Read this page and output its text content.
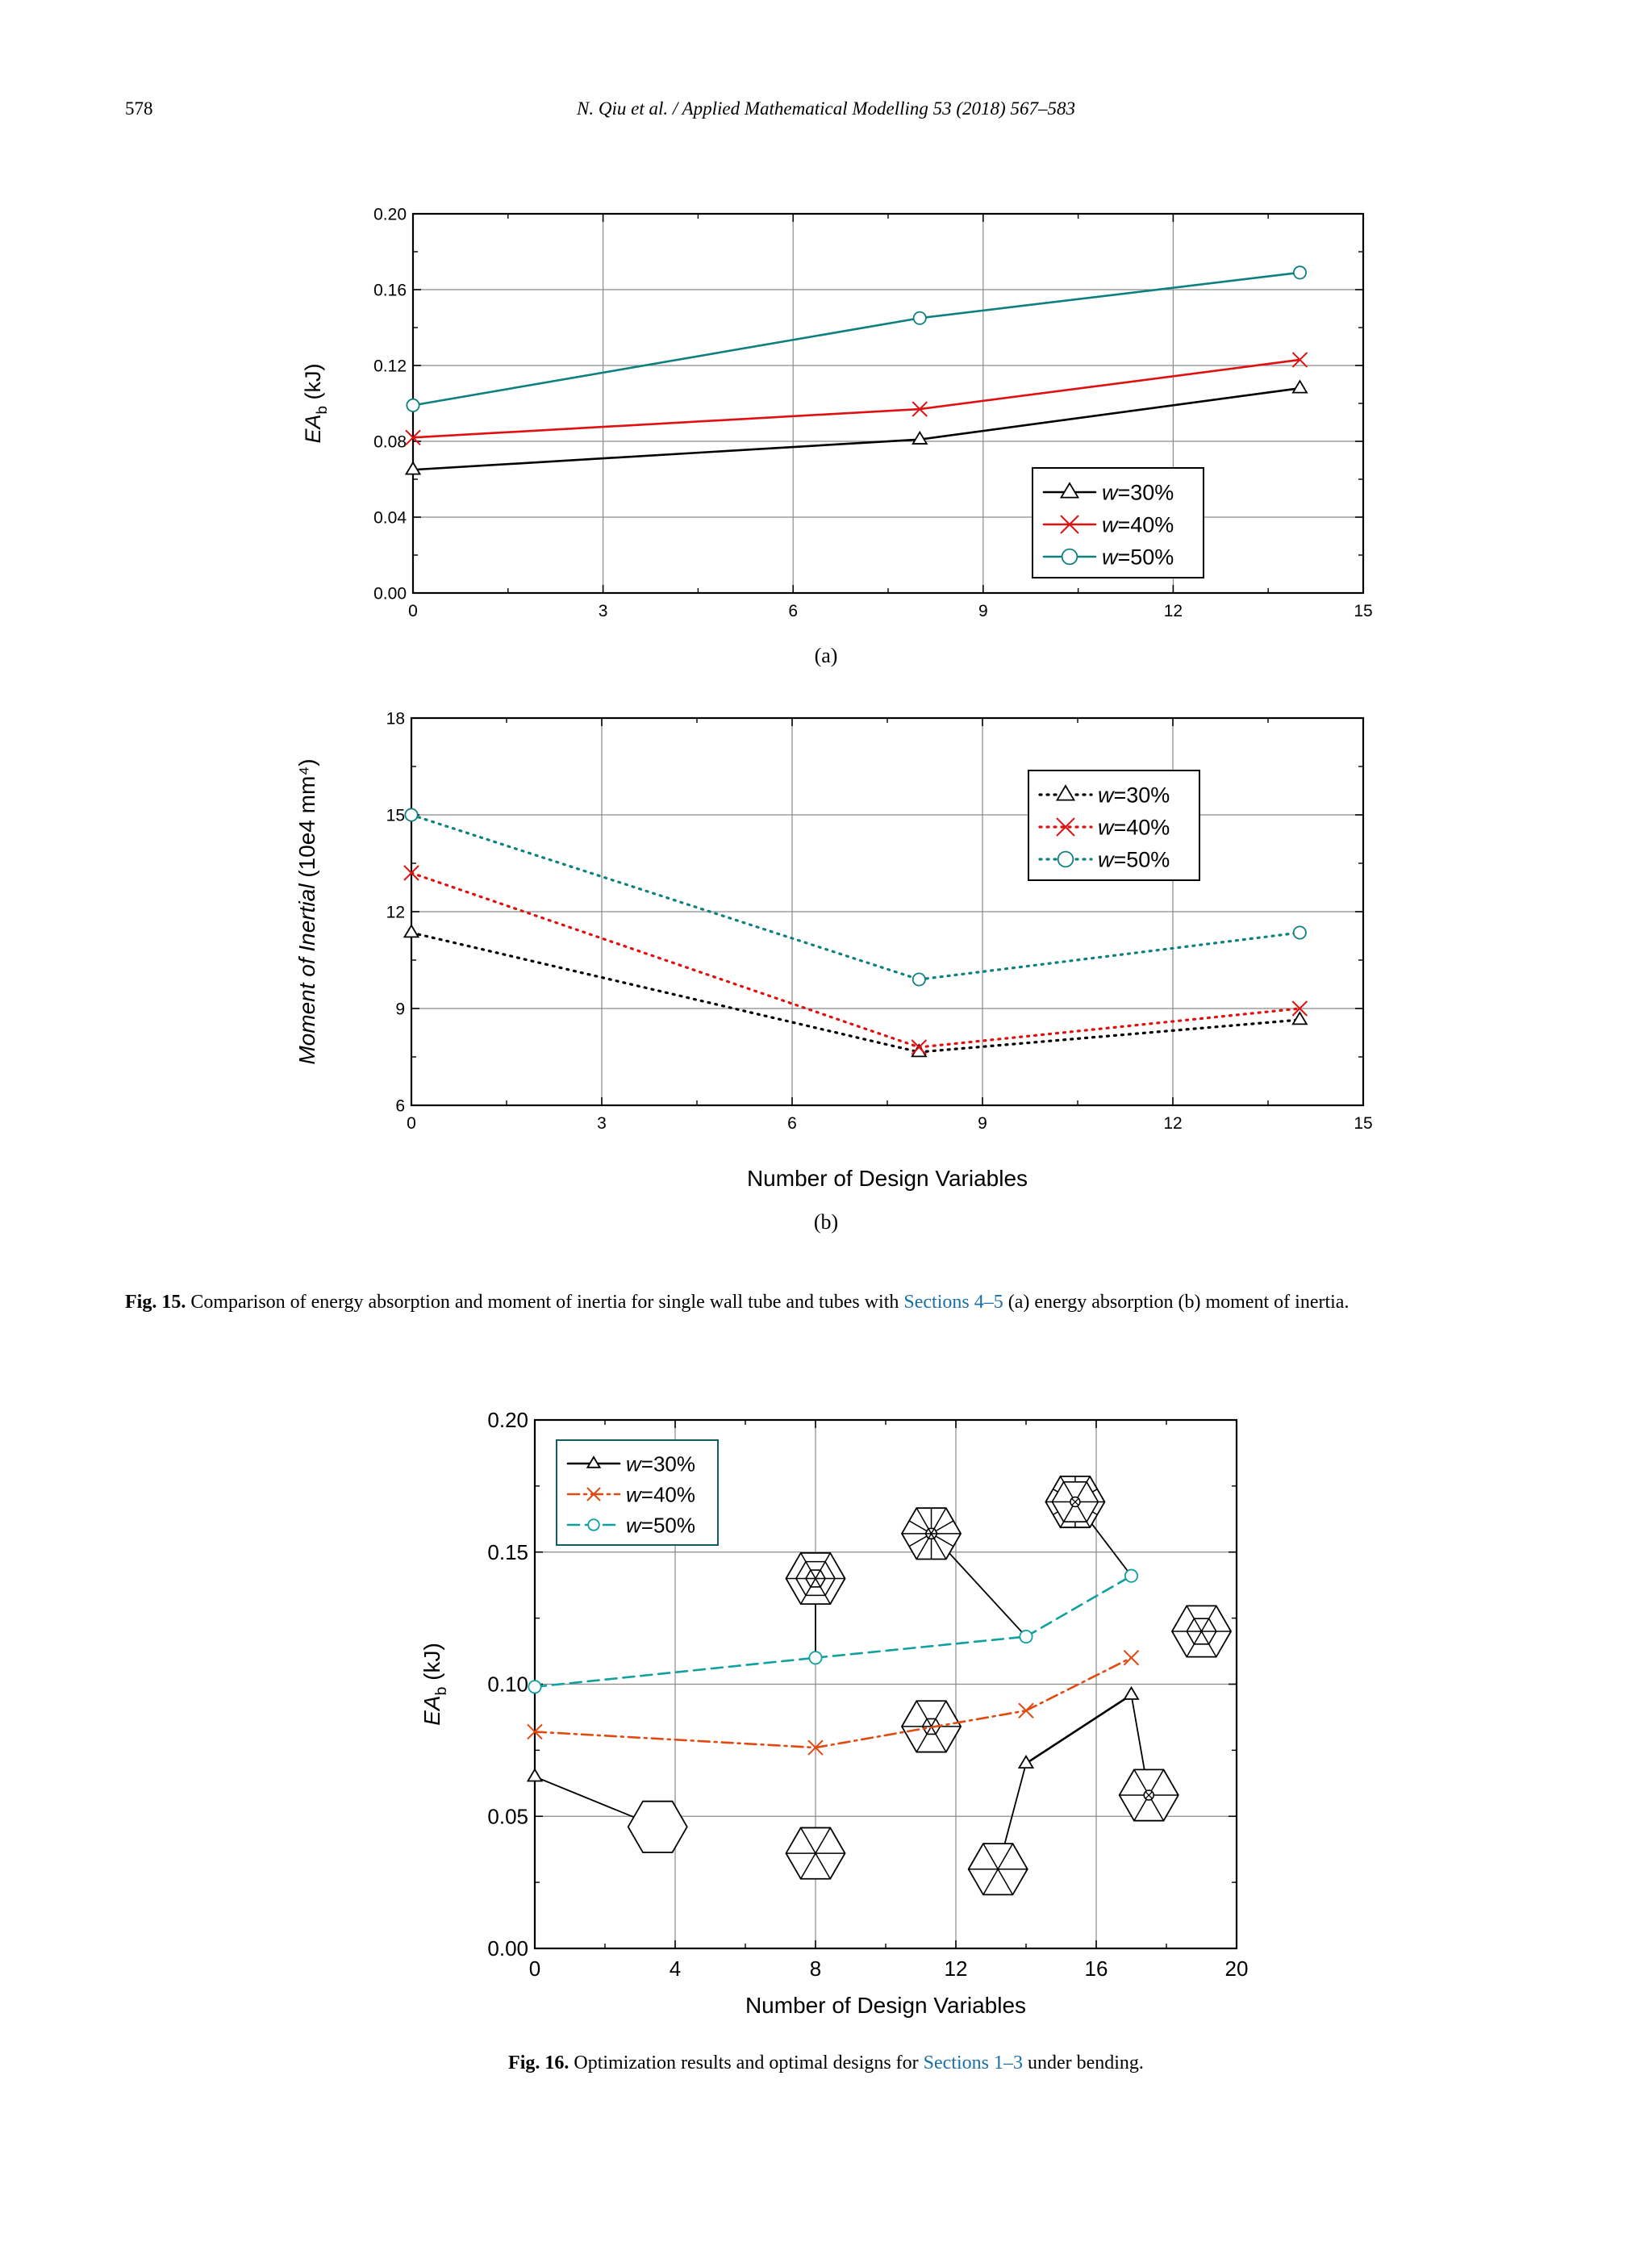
578	N. Qiu et al. / Applied Mathematical Modelling 53 (2018) 567–583
0	3	6	9	12	15
0.00
0.04
0.08
0.12
0.16
0.20
w=30%
w=40%
w=50%
$EA_b$ (kJ)
(a)
0	3	6	9	12	15
6
9
12
15
18
w=30%
w=40%
w=50%
Moment of Inertial (10e4 mm⁴)
Number of Design Variables
(b)
Fig. 15. Comparison of energy absorption and moment of inertia for single wall tube and tubes with Sections 4–5 (a) energy absorption (b) moment of inertia.
0	4	8	12	16	20
0.00
0.05
0.10
0.15
0.20
w=30%
w=40%
w=50%
$EA_b$ (kJ)
Number of Design Variables
Fig. 16. Optimization results and optimal designs for Sections 1–3 under bending.
